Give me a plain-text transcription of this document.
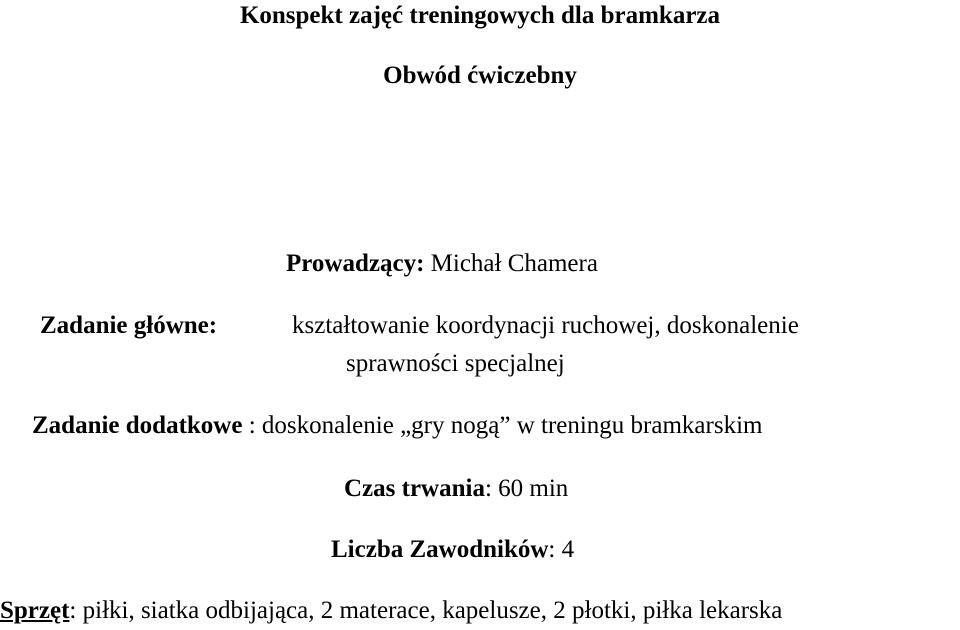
Konspekt zajęć treningowych dla bramkarza
Obwód ćwiczebny
Prowadzący: Michał Chamera
Zadanie główne:	kształtowanie koordynacji ruchowej, doskonalenie
sprawności specjalnej
Zadanie dodatkowe : doskonalenie „gry nogą” w treningu bramkarskim
Czas trwania: 60 min
Liczba Zawodników: 4
Sprzęt: piłki, siatka odbijająca, 2 materace, kapelusze, 2 płotki, piłka lekarska
